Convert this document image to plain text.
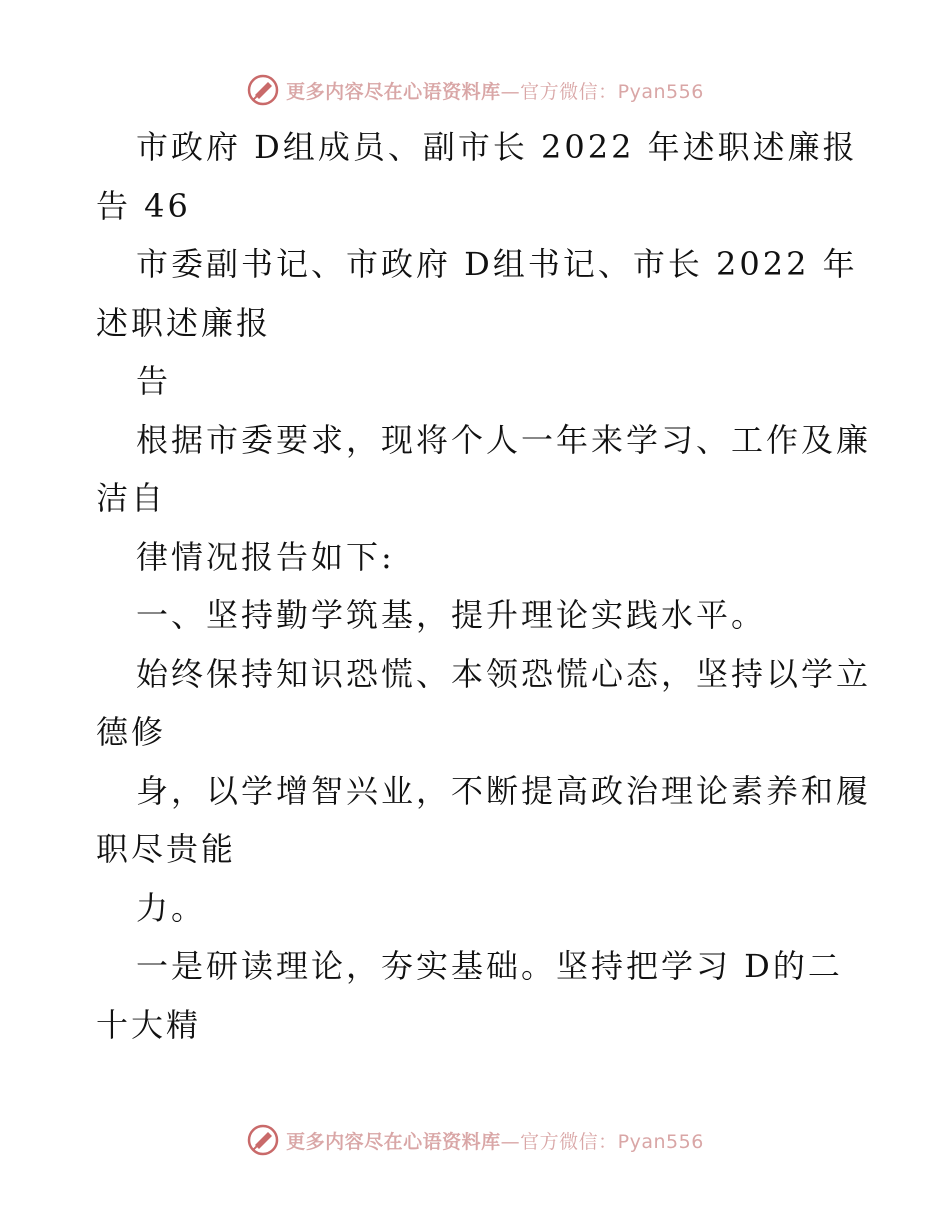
更多内容尽在心语资料库—官方微信：Pyan556
市政府 D组成员、副市长 2022 年述职述廉报
告 46
市委副书记、市政府 D组书记、市长 2022 年
述职述廉报
告
根据市委要求，现将个人一年来学习、工作及廉
洁自
律情况报告如下:
一、坚持勤学筑基，提升理论实践水平。
始终保持知识恐慌、本领恐慌心态，坚持以学立
德修
身，以学增智兴业，不断提高政治理论素养和履
职尽贵能
力。
一是研读理论，夯实基础。坚持把学习 D的二
十大精
更多内容尽在心语资料库—官方微信：Pyan556
